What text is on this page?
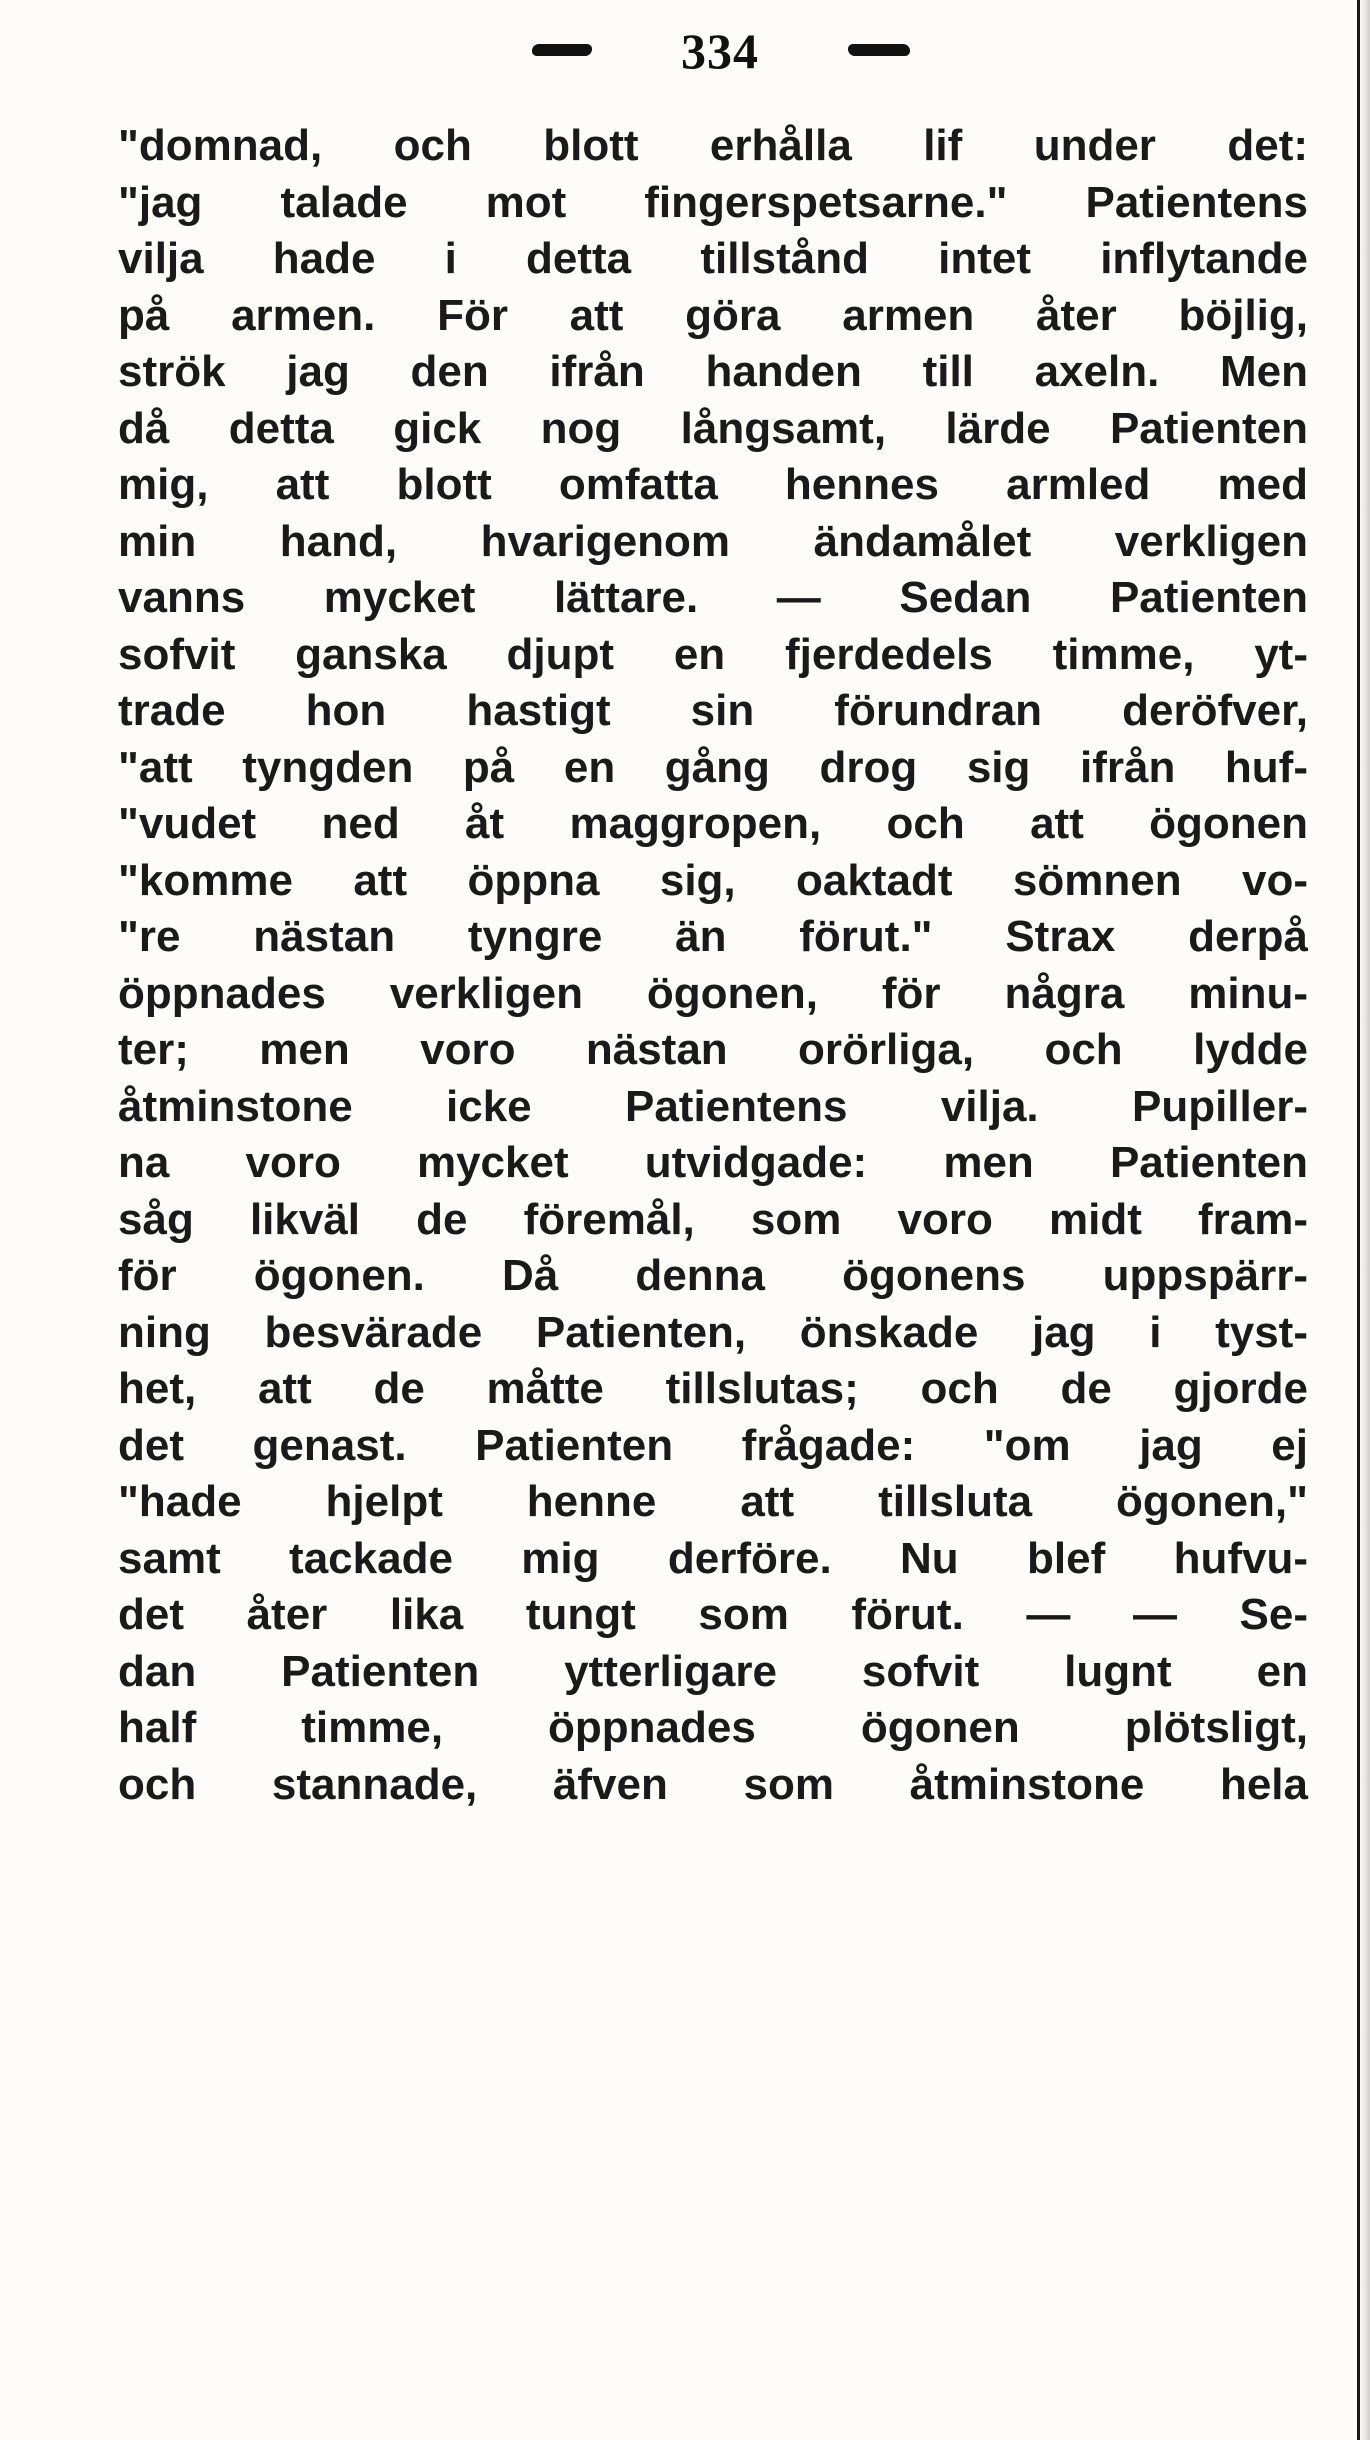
334
"domnad, och blott erhålla lif under det:
"jag talade mot fingerspetsarne." Patientens
vilja hade i detta tillstånd intet inflytande
på armen. För att göra armen åter böjlig,
strök jag den ifrån handen till axeln. Men
då detta gick nog långsamt, lärde Patienten
mig, att blott omfatta hennes armled med
min hand, hvarigenom ändamålet verkligen
vanns mycket lättare. — Sedan Patienten
sofvit ganska djupt en fjerdedels timme, yt-
trade hon hastigt sin förundran deröfver,
"att tyngden på en gång drog sig ifrån huf-
"vudet ned åt maggropen, och att ögonen
"komme att öppna sig, oaktadt sömnen vo-
"re nästan tyngre än förut." Strax derpå
öppnades verkligen ögonen, för några minu-
ter; men voro nästan orörliga, och lydde
åtminstone icke Patientens vilja. Pupiller-
na voro mycket utvidgade: men Patienten
såg likväl de föremål, som voro midt fram-
för ögonen. Då denna ögonens uppspärr-
ning besvärade Patienten, önskade jag i tyst-
het, att de måtte tillslutas; och de gjorde
det genast. Patienten frågade: "om jag ej
"hade hjelpt henne att tillsluta ögonen,"
samt tackade mig derföre. Nu blef hufvu-
det åter lika tungt som förut. — — Se-
dan Patienten ytterligare sofvit lugnt en
half timme, öppnades ögonen plötsligt,
och stannade, äfven som åtminstone hela
